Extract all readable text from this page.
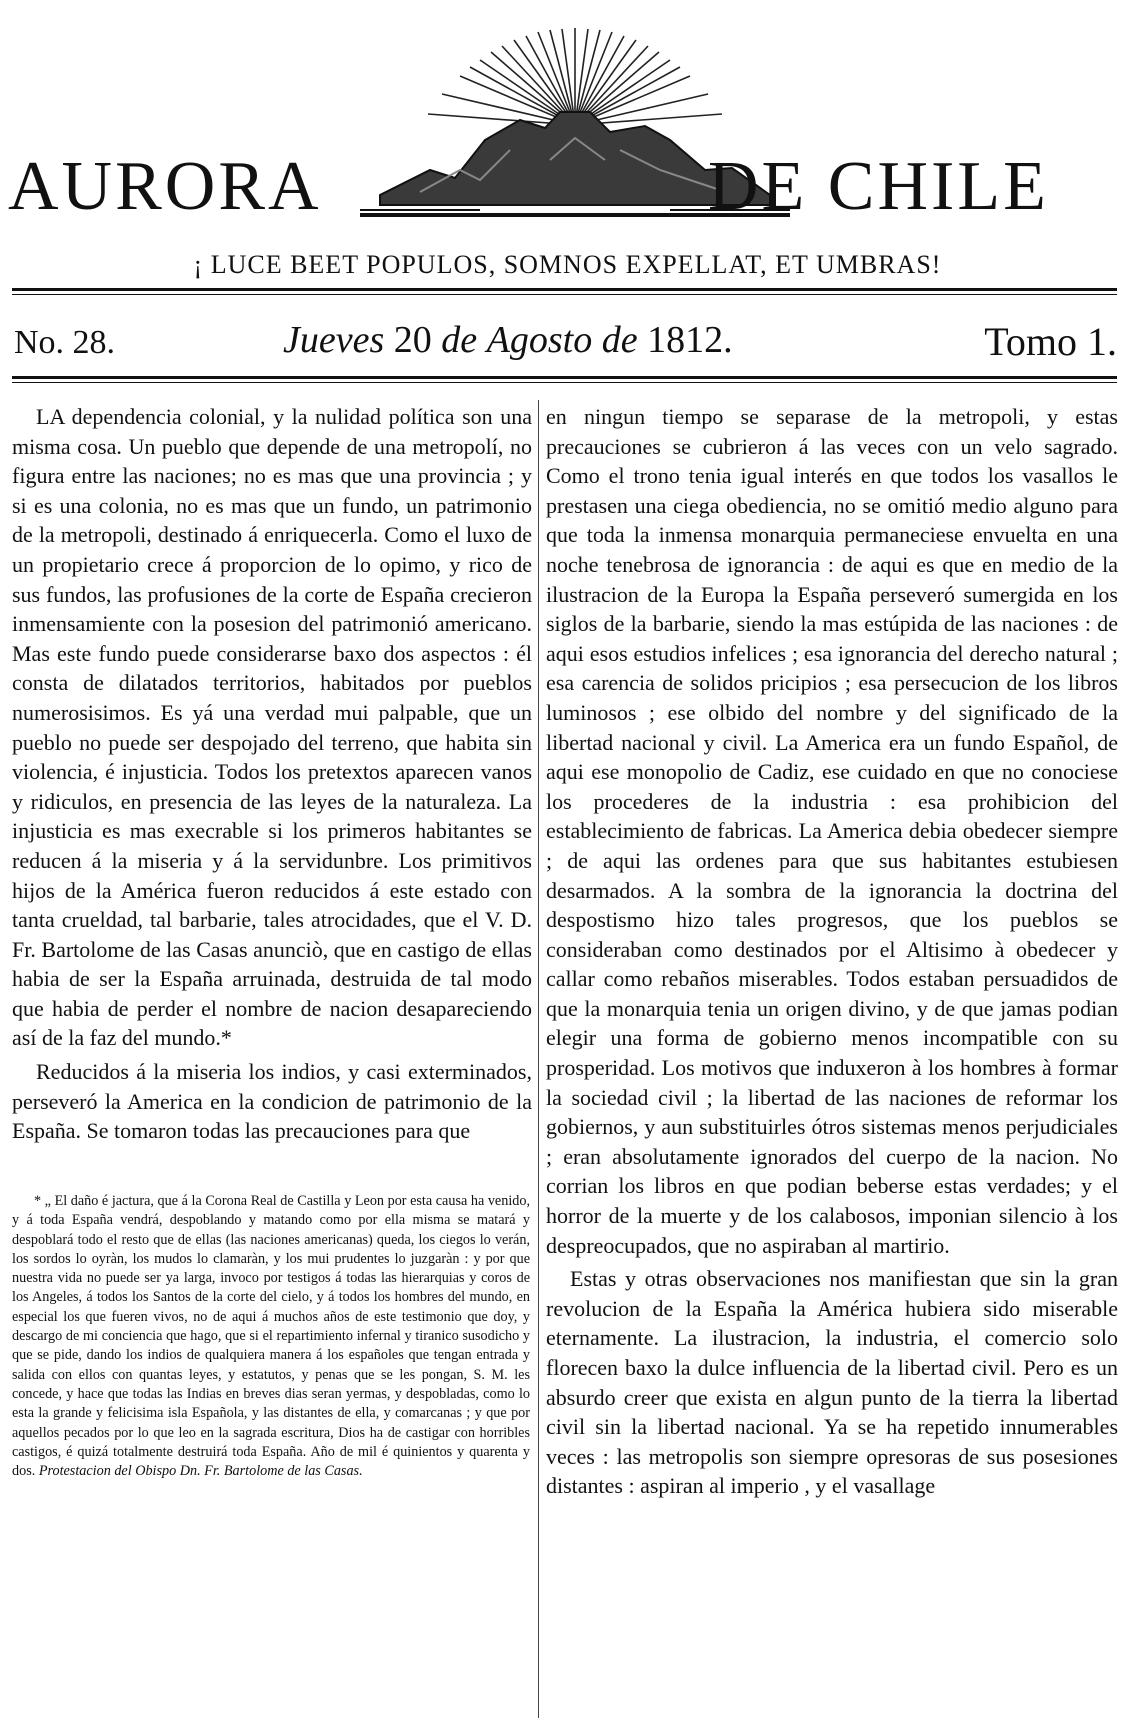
AURORA	DE CHILE
¡ LUCE BEET POPULOS, SOMNOS EXPELLAT, ET UMBRAS!
No. 28.	Jueves 20 de Agosto de 1812.	Tomo 1.

LA dependencia colonial, y la nulidad política son una misma cosa. Un pueblo que depende de una metropolí, no figura entre las naciones; no es mas que una provincia ; y si es una colonia, no es mas que un fundo, un patrimonio de la metropoli, destinado á enriquecerla. Como el luxo de un propietario crece á proporcion de lo opimo, y rico de sus fundos, las profusiones de la corte de España crecieron inmensamiente con la posesion del patrimonió americano. Mas este fundo puede considerarse baxo dos aspectos : él consta de dilatados territorios, habitados por pueblos numerosisimos. Es yá una verdad mui palpable, que un pueblo no puede ser despojado del terreno, que habita sin violencia, é injusticia. Todos los pretextos aparecen vanos y ridiculos, en presencia de las leyes de la naturaleza. La injusticia es mas execrable si los primeros habitantes se reducen á la miseria y á la servidunbre. Los primitivos hijos de la América fueron reducidos á este estado con tanta crueldad, tal barbarie, tales atrocidades, que el V. D. Fr. Bartolome de las Casas anunciò, que en castigo de ellas habia de ser la España arruinada, destruida de tal modo que habia de perder el nombre de nacion desapareciendo así de la faz del mundo.*

Reducidos á la miseria los indios, y casi exterminados, perseveró la America en la condicion de patrimonio de la España. Se tomaron todas las precauciones para que

* „ El daño é jactura, que á la Corona Real de Castilla y Leon por esta causa ha venido, y á toda España vendrá, despoblando y matando como por ella misma se matará y despoblará todo el resto que de ellas (las naciones americanas) queda, los ciegos lo verán, los sordos lo oyràn, los mudos lo clamaràn, y los mui prudentes lo juzgaràn : y por que nuestra vida no puede ser ya larga, invoco por testigos á todas las hierarquias y coros de los Angeles, á todos los Santos de la corte del cielo, y á todos los hombres del mundo, en especial los que fueren vivos, no de aqui á muchos años de este testimonio que doy, y descargo de mi conciencia que hago, que si el repartimiento infernal y tiranico susodicho y que se pide, dando los indios de qualquiera manera á los españoles que tengan entrada y salida con ellos con quantas leyes, y estatutos, y penas que se les pongan, S. M. les concede, y hace que todas las Indias en breves dias seran yermas, y despobladas, como lo esta la grande y felicisima isla Española, y las distantes de ella, y comarcanas ; y que por aquellos pecados por lo que leo en la sagrada escritura, Dios ha de castigar con horribles castigos, é quizá totalmente destruirá toda España. Año de mil é quinientos y quarenta y dos. Protestacion del Obispo Dn. Fr. Bartolome de las Casas.

en ningun tiempo se separase de la metropoli, y estas precauciones se cubrieron á las veces con un velo sagrado. Como el trono tenia igual interés en que todos los vasallos le prestasen una ciega obediencia, no se omitió medio alguno para que toda la inmensa monarquia permaneciese envuelta en una noche tenebrosa de ignorancia : de aqui es que en medio de la ilustracion de la Europa la España perseveró sumergida en los siglos de la barbarie, siendo la mas estúpida de las naciones : de aqui esos estudios infelices ; esa ignorancia del derecho natural ; esa carencia de solidos pricipios ; esa persecucion de los libros luminosos ; ese olbido del nombre y del significado de la libertad nacional y civil. La America era un fundo Español, de aqui ese monopolio de Cadiz, ese cuidado en que no conociese los procederes de la industria : esa prohibicion del establecimiento de fabricas. La America debia obedecer siempre ; de aqui las ordenes para que sus habitantes estubiesen desarmados. A la sombra de la ignorancia la doctrina del despostismo hizo tales progresos, que los pueblos se consideraban como destinados por el Altisimo à obedecer y callar como rebaños miserables. Todos estaban persuadidos de que la monarquia tenia un origen divino, y de que jamas podian elegir una forma de gobierno menos incompatible con su prosperidad. Los motivos que induxeron à los hombres à formar la sociedad civil ; la libertad de las naciones de reformar los gobiernos, y aun substituirles ótros sistemas menos perjudiciales ; eran absolutamente ignorados del cuerpo de la nacion. No corrian los libros en que podian beberse estas verdades; y el horror de la muerte y de los calabosos, imponian silencio à los despreocupados, que no aspiraban al martirio.

Estas y otras observaciones nos manifiestan que sin la gran revolucion de la España la América hubiera sido miserable eternamente. La ilustracion, la industria, el comercio solo florecen baxo la dulce influencia de la libertad civil. Pero es un absurdo creer que exista en algun punto de la tierra la libertad civil sin la libertad nacional. Ya se ha repetido innumerables veces : las metropolis son siempre opresoras de sus posesiones distantes : aspiran al imperio , y el vasallage
